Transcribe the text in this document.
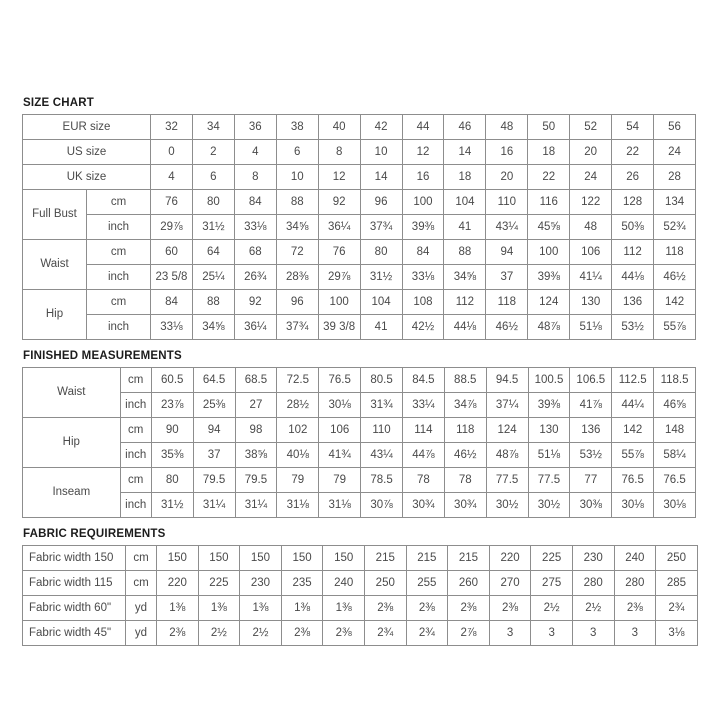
SIZE CHART
EUR size		32	34	36	38	40	42	44	46	48	50	52	54	56
US size		0	2	4	6	8	10	12	14	16	18	20	22	24
UK size		4	6	8	10	12	14	16	18	20	22	24	26	28
Full Bust	cm	76	80	84	88	92	96	100	104	110	116	122	128	134
	inch	29⅞	31½	33⅛	34⅝	36¼	37¾	39⅜	41	43¼	45⅝	48	50⅜	52¾
Waist	cm	60	64	68	72	76	80	84	88	94	100	106	112	118
	inch	23 5/8	25¼	26¾	28⅜	29⅞	31½	33⅛	34⅝	37	39⅜	41¼	44⅛	46½
Hip	cm	84	88	92	96	100	104	108	112	118	124	130	136	142
	inch	33⅛	34⅝	36¼	37¾	39 3/8	41	42½	44⅛	46½	48⅞	51⅛	53½	55⅞
FINISHED MEASUREMENTS
Waist	cm	60.5	64.5	68.5	72.5	76.5	80.5	84.5	88.5	94.5	100.5	106.5	112.5	118.5
	inch	23⅞	25⅜	27	28½	30⅛	31¾	33¼	34⅞	37¼	39⅜	41⅞	44¼	46⅝
Hip	cm	90	94	98	102	106	110	114	118	124	130	136	142	148
	inch	35⅜	37	38⅝	40⅛	41¾	43¼	44⅞	46½	48⅞	51⅛	53½	55⅞	58¼
Inseam	cm	80	79.5	79.5	79	79	78.5	78	78	77.5	77.5	77	76.5	76.5
	inch	31½	31¼	31¼	31⅛	31⅛	30⅞	30¾	30¾	30½	30½	30⅜	30⅛	30⅛
FABRIC REQUIREMENTS
Fabric width 150	cm	150	150	150	150	150	215	215	215	220	225	230	240	250
Fabric width 115	cm	220	225	230	235	240	250	255	260	270	275	280	280	285
Fabric width 60"	yd	1⅜	1⅜	1⅜	1⅜	1⅜	2⅜	2⅜	2⅜	2⅜	2½	2½	2⅜	2¾
Fabric width 45"	yd	2⅜	2½	2½	2⅜	2⅜	2¾	2¾	2⅞	3	3	3	3	3⅛
